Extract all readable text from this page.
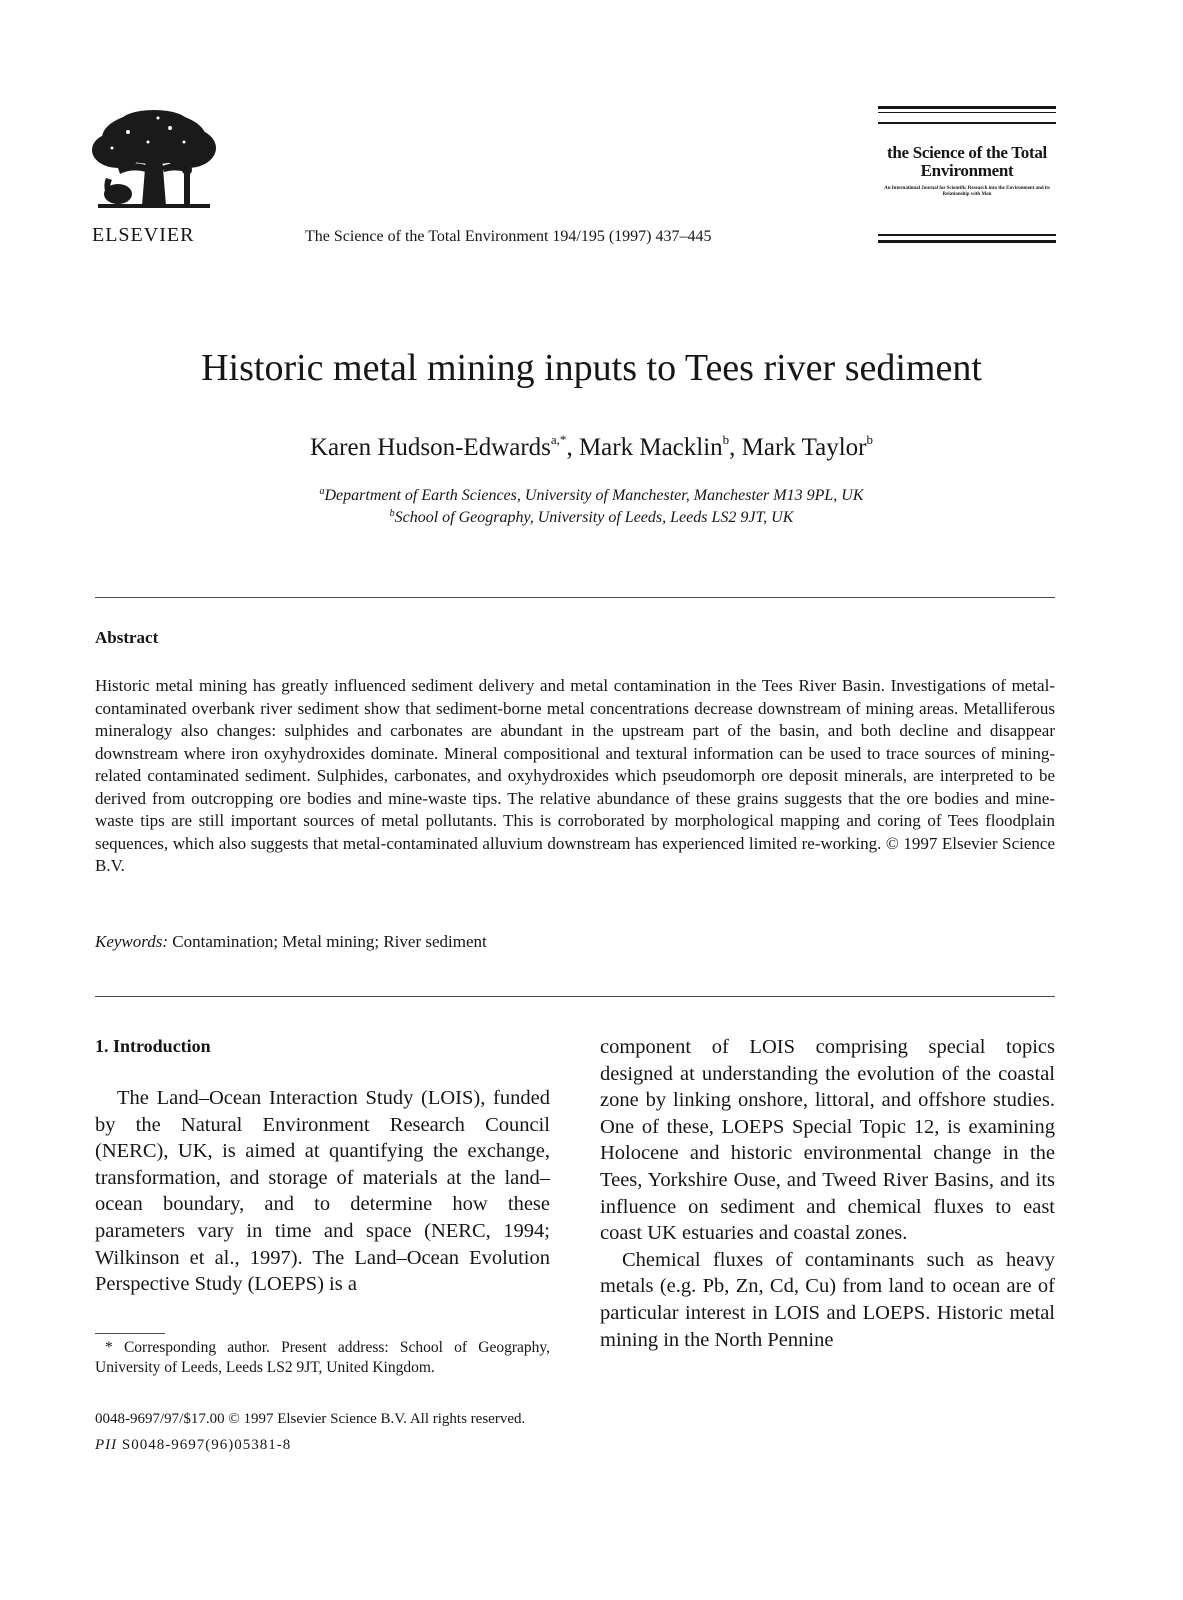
ELSEVIER	The Science of the Total Environment 194/195 (1997) 437–445
the Science of the Total Environment
An International Journal for Scientific Research into the Environment and its Relationship with Man
Historic metal mining inputs to Tees river sediment
Karen Hudson-Edwards$^{a,*}$, Mark Macklin$^b$, Mark Taylor$^b$
$^a$Department of Earth Sciences, University of Manchester, Manchester M13 9PL, UK
$^b$School of Geography, University of Leeds, Leeds LS2 9JT, UK
Abstract
Historic metal mining has greatly influenced sediment delivery and metal contamination in the Tees River Basin. Investigations of metal-contaminated overbank river sediment show that sediment-borne metal concentrations decrease downstream of mining areas. Metalliferous mineralogy also changes: sulphides and carbonates are abundant in the upstream part of the basin, and both decline and disappear downstream where iron oxyhydroxides dominate. Mineral compositional and textural information can be used to trace sources of mining-related contaminated sediment. Sulphides, carbonates, and oxyhydroxides which pseudomorph ore deposit minerals, are interpreted to be derived from outcropping ore bodies and mine-waste tips. The relative abundance of these grains suggests that the ore bodies and mine-waste tips are still important sources of metal pollutants. This is corroborated by morphological mapping and coring of Tees floodplain sequences, which also suggests that metal-contaminated alluvium downstream has experienced limited re-working. © 1997 Elsevier Science B.V.
Keywords: Contamination; Metal mining; River sediment
1. Introduction
The Land–Ocean Interaction Study (LOIS), funded by the Natural Environment Research Council (NERC), UK, is aimed at quantifying the exchange, transformation, and storage of materials at the land–ocean boundary, and to determine how these parameters vary in time and space (NERC, 1994; Wilkinson et al., 1997). The Land–Ocean Evolution Perspective Study (LOEPS) is a

component of LOIS comprising special topics designed at understanding the evolution of the coastal zone by linking onshore, littoral, and offshore studies. One of these, LOEPS Special Topic 12, is examining Holocene and historic environmental change in the Tees, Yorkshire Ouse, and Tweed River Basins, and its influence on sediment and chemical fluxes to east coast UK estuaries and coastal zones.

Chemical fluxes of contaminants such as heavy metals (e.g. Pb, Zn, Cd, Cu) from land to ocean are of particular interest in LOIS and LOEPS. Historic metal mining in the North Pennine

* Corresponding author. Present address: School of Geography, University of Leeds, Leeds LS2 9JT, United Kingdom.
0048-9697/97/$17.00 © 1997 Elsevier Science B.V. All rights reserved.
PII S0048-9697(96)05381-8
